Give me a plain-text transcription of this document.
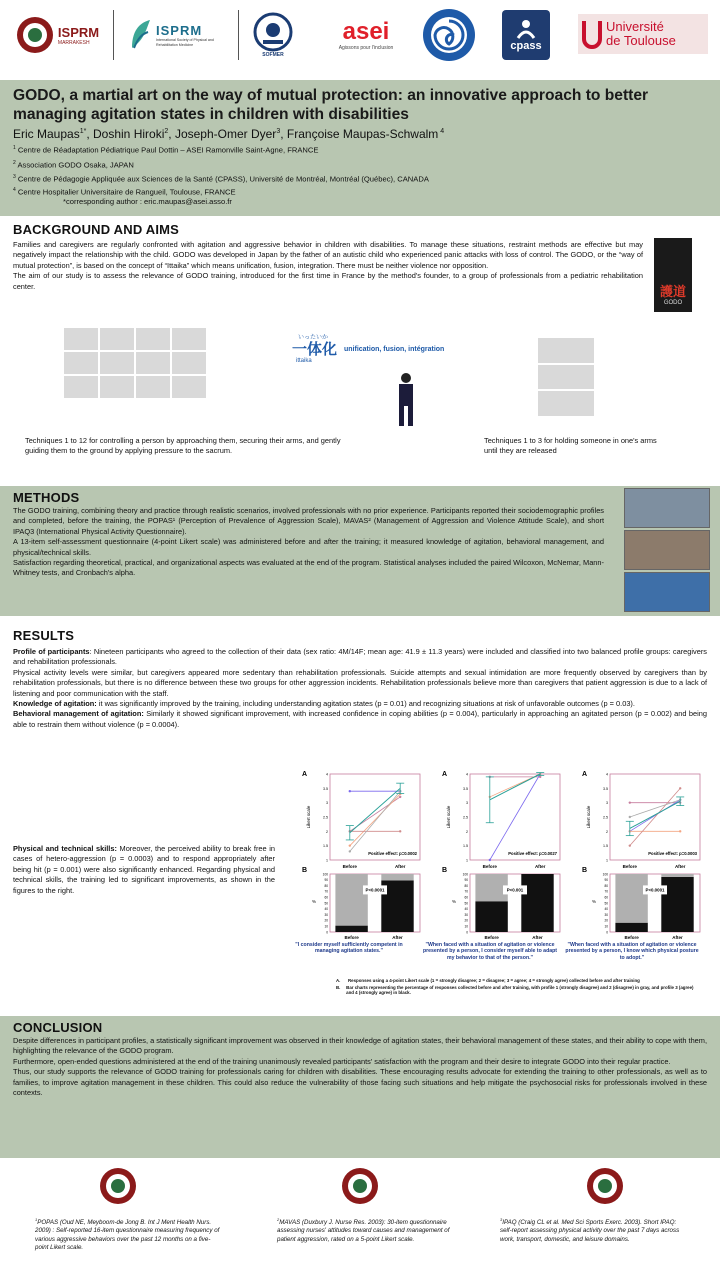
ISPRM
MARRAKESH
ISPRM
International Society of Physical and Rehabilitation Medicine
SOFMER
asei
Agissons pour l'inclusion	cpass
Université
de Toulouse
GODO, a martial art on the way of mutual protection: an innovative approach to better managing agitation states in children with disabilities
Eric Maupas$^{1*}$, Doshin Hiroki$^2$, Joseph-Omer Dyer$^3$, Françoise Maupas-Schwalm $^4$
$^1$ Centre de Réadaptation Pédiatrique Paul Dottin – ASEI Ramonville Saint-Agne, FRANCE
$^2$ Association GODO Osaka, JAPAN
$^3$ Centre de Pédagogie Appliquée aux Sciences de la Santé (CPASS), Université de Montréal, Montréal (Québec), CANADA
$^4$ Centre Hospitalier Universitaire de Rangueil, Toulouse, FRANCE
*corresponding author : eric.maupas@asei.asso.fr
BACKGROUND AND AIMS
Families and caregivers are regularly confronted with agitation and aggressive behavior in children with disabilities. To manage these situations, restraint methods are effective but may negatively impact the relationship with the child. GODO was developed in Japan by the father of an autistic child who experienced panic attacks with loss of control. The GODO, or the “way of mutual protection”, is based on the concept of “Ittaika” which means unification, fusion, integration. There must be neither violence nor opposition.
The aim of our study is to assess the relevance of GODO training, introduced for the first time in France by the method's founder, to a group of professionals from a pediatric rehabilitation center.	護道
GODO
いったいか
一体化
ittaika
unification, fusion, intégration
Techniques 1 to 12 for controlling a person by approaching them, securing their arms, and gently guiding them to the ground by applying pressure to the sacrum.
Techniques 1 to 3 for holding someone in one's arms until they are released
METHODS
The GODO training, combining theory and practice through realistic scenarios, involved professionals with no prior experience. Participants reported their sociodemographic profiles and completed, before the training, the POPAS¹ (Perception of Prevalence of Aggression Scale), MAVAS² (Management of Aggression and Violence Attitude Scale), and short IPAQ3 (International Physical Activity Questionnaire).
A 13-item self-assessment questionnaire (4-point Likert scale) was administered before and after the training; it measured knowledge of agitation, behavioral management, and physical/technical skills.
Satisfaction regarding theoretical, practical, and organizational aspects was evaluated at the end of the program. Statistical analyses included the paired Wilcoxon, McNemar, Mann-Whitney tests, and Cronbach's alpha.
RESULTS
Profile of participants: Nineteen participants who agreed to the collection of their data (sex ratio: 4M/14F; mean age: 41.9 ± 11.3 years) were included and classified into two balanced profile groups: caregivers and rehabilitation professionals.
Physical activity levels were similar, but caregivers appeared more sedentary than rehabilitation professionals. Suicide attempts and sexual intimidation are more frequently observed by caregivers than by rehabilitation professionals, but there is no difference between these two groups for other aggression incidents. Rehabilitation professionals believe more than caregivers that patient aggression is due to a lack of listening and poor communication with the staff.
Knowledge of agitation: it was significantly improved by the training, including understanding agitation states (p = 0.01) and recognizing situations at risk of unfavorable outcomes (p = 0.03).
Behavioral management of agitation: Similarly it showed significant improvement, with increased confidence in coping abilities (p = 0.004), particularly in approaching an agitated person (p = 0.002) and being able to restrain them without violence (p = 0.0004).
Physical and technical skills: Moreover, the perceived ability to break free in cases of hetero-aggression (p = 0.0003) and to respond appropriately after being hit (p = 0.001) were also significantly enhanced. Regarding physical and technical skills, the training led to significant improvements, as shown in the figures to the right.
A
Likert scale
1
1.5
2
2.5
3
3.5
4
Positive effect: p=0.0002
Before	After
A
Likert scale
1
1.5
2
2.5
3
3.5
4
Positive effect: p=0.0027
Before	After
A
Likert scale
1
1.5
2
2.5
3
3.5
4
Positive effect: p=0.0003
Before	After
B
%
0
10
20
30
40
50
60
70
80
90
100
Before	After
P<0.0001
B
%
0
10
20
30
40
50
60
70
80
90
100
Before	After
P<0.001
B
%
0
10
20
30
40
50
60
70
80
90
100
Before	After
P<0.0001
"I consider myself sufficiently competent in managing agitation states."
"When faced with a situation of agitation or violence presented by a person, I consider myself able to adapt my behavior to that of the person."
"When faced with a situation of agitation or violence presented by a person, I know which physical posture to adopt."
A.	Responses using a 4-point Likert scale (1 = strongly disagree; 2 = disagree; 3 = agree; 4 = strongly agree) collected before and after training
B.	Bar charts representing the percentage of responses collected before and after training, with profile 1 (strongly disagree) and 2 (disagree) in gray, and profile 3 (agree) and 4 (strongly agree) in black.
CONCLUSION
Despite differences in participant profiles, a statistically significant improvement was observed in their knowledge of agitation states, their behavioral management of these states, and their ability to cope with them, highlighting the relevance of the GODO program.
Furthermore, open-ended questions administered at the end of the training unanimously revealed participants' satisfaction with the program and their desire to integrate GODO into their regular practice.
Thus, our study supports the relevance of GODO training for professionals caring for children with disabilities. These encouraging results advocate for extending the training to other professionals, as well as to families, to improve agitation management in these children. This could also reduce the vulnerability of those facing such situations and help mitigate the psychosocial risks for professionals involved in these contexts.
$^1$POPAS (Oud NE, Meyboom-de Jong B. Int J Ment Health Nurs. 2009) : Self-reported 16-item questionnaire measuring frequency of various aggressive behaviors over the past 12 months on a five-point Likert scale.
$^2$MAVAS (Duxbury J. Nurse Res. 2003): 30-item questionnaire assessing nurses' attitudes toward causes and management of patient aggression, rated on a 5-point Likert scale.
$^3$IPAQ (Craig CL et al. Med Sci Sports Exerc. 2003). Short IPAQ: self-report assessing physical activity over the past 7 days across work, transport, domestic, and leisure domains.
